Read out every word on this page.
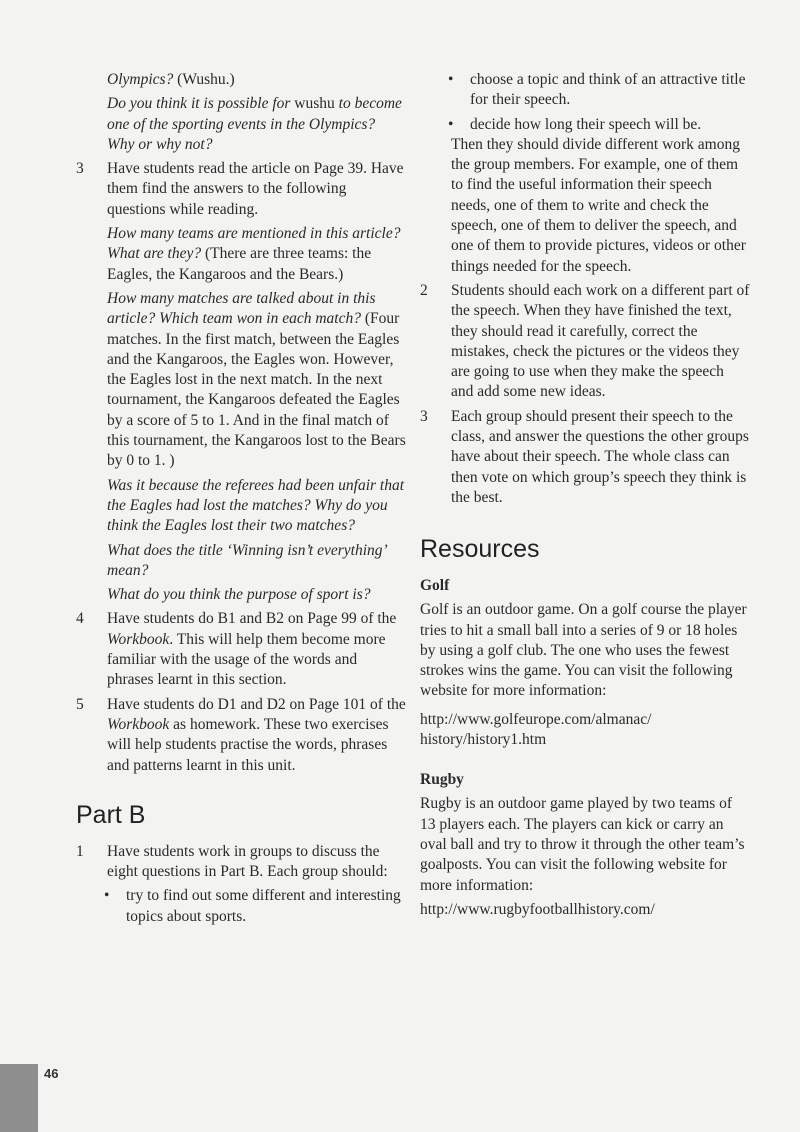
Olympics? (Wushu.)

Do you think it is possible for wushu to become one of the sporting events in the Olympics? Why or why not?

3 Have students read the article on Page 39. Have them find the answers to the following questions while reading.

How many teams are mentioned in this article? What are they? (There are three teams: the Eagles, the Kangaroos and the Bears.)

How many matches are talked about in this article? Which team won in each match? (Four matches. In the first match, between the Eagles and the Kangaroos, the Eagles won. However, the Eagles lost in the next match. In the next tournament, the Kangaroos defeated the Eagles by a score of 5 to 1. And in the final match of this tournament, the Kangaroos lost to the Bears by 0 to 1. )

Was it because the referees had been unfair that the Eagles had lost the matches? Why do you think the Eagles lost their two matches?

What does the title ‘Winning isn’t everything’ mean?

What do you think the purpose of sport is?

4 Have students do B1 and B2 on Page 99 of the Workbook. This will help them become more familiar with the usage of the words and phrases learnt in this section.
5 Have students do D1 and D2 on Page 101 of the Workbook as homework. These two exercises will help students practise the words, phrases and patterns learnt in this unit.
Part B
1 Have students work in groups to discuss the eight questions in Part B. Each group should:
• try to find out some different and interesting topics about sports.
• choose a topic and think of an attractive title for their speech.
• decide how long their speech will be.

Then they should divide different work among the group members. For example, one of them to find the useful information their speech needs, one of them to write and check the speech, one of them to deliver the speech, and one of them to provide pictures, videos or other things needed for the speech.

2 Students should each work on a different part of the speech. When they have finished the text, they should read it carefully, correct the mistakes, check the pictures or the videos they are going to use when they make the speech and add some new ideas.
3 Each group should present their speech to the class, and answer the questions the other groups have about their speech. The whole class can then vote on which group’s speech they think is the best.
Resources
Golf

Golf is an outdoor game. On a golf course the player tries to hit a small ball into a series of 9 or 18 holes by using a golf club. The one who uses the fewest strokes wins the game. You can visit the following website for more information:

http://www.golfeurope.com/almanac/ history/history1.htm

Rugby

Rugby is an outdoor game played by two teams of 13 players each. The players can kick or carry an oval ball and try to throw it through the other team’s goalposts. You can visit the following website for more information:

http://www.rugbyfootballhistory.com/

46
